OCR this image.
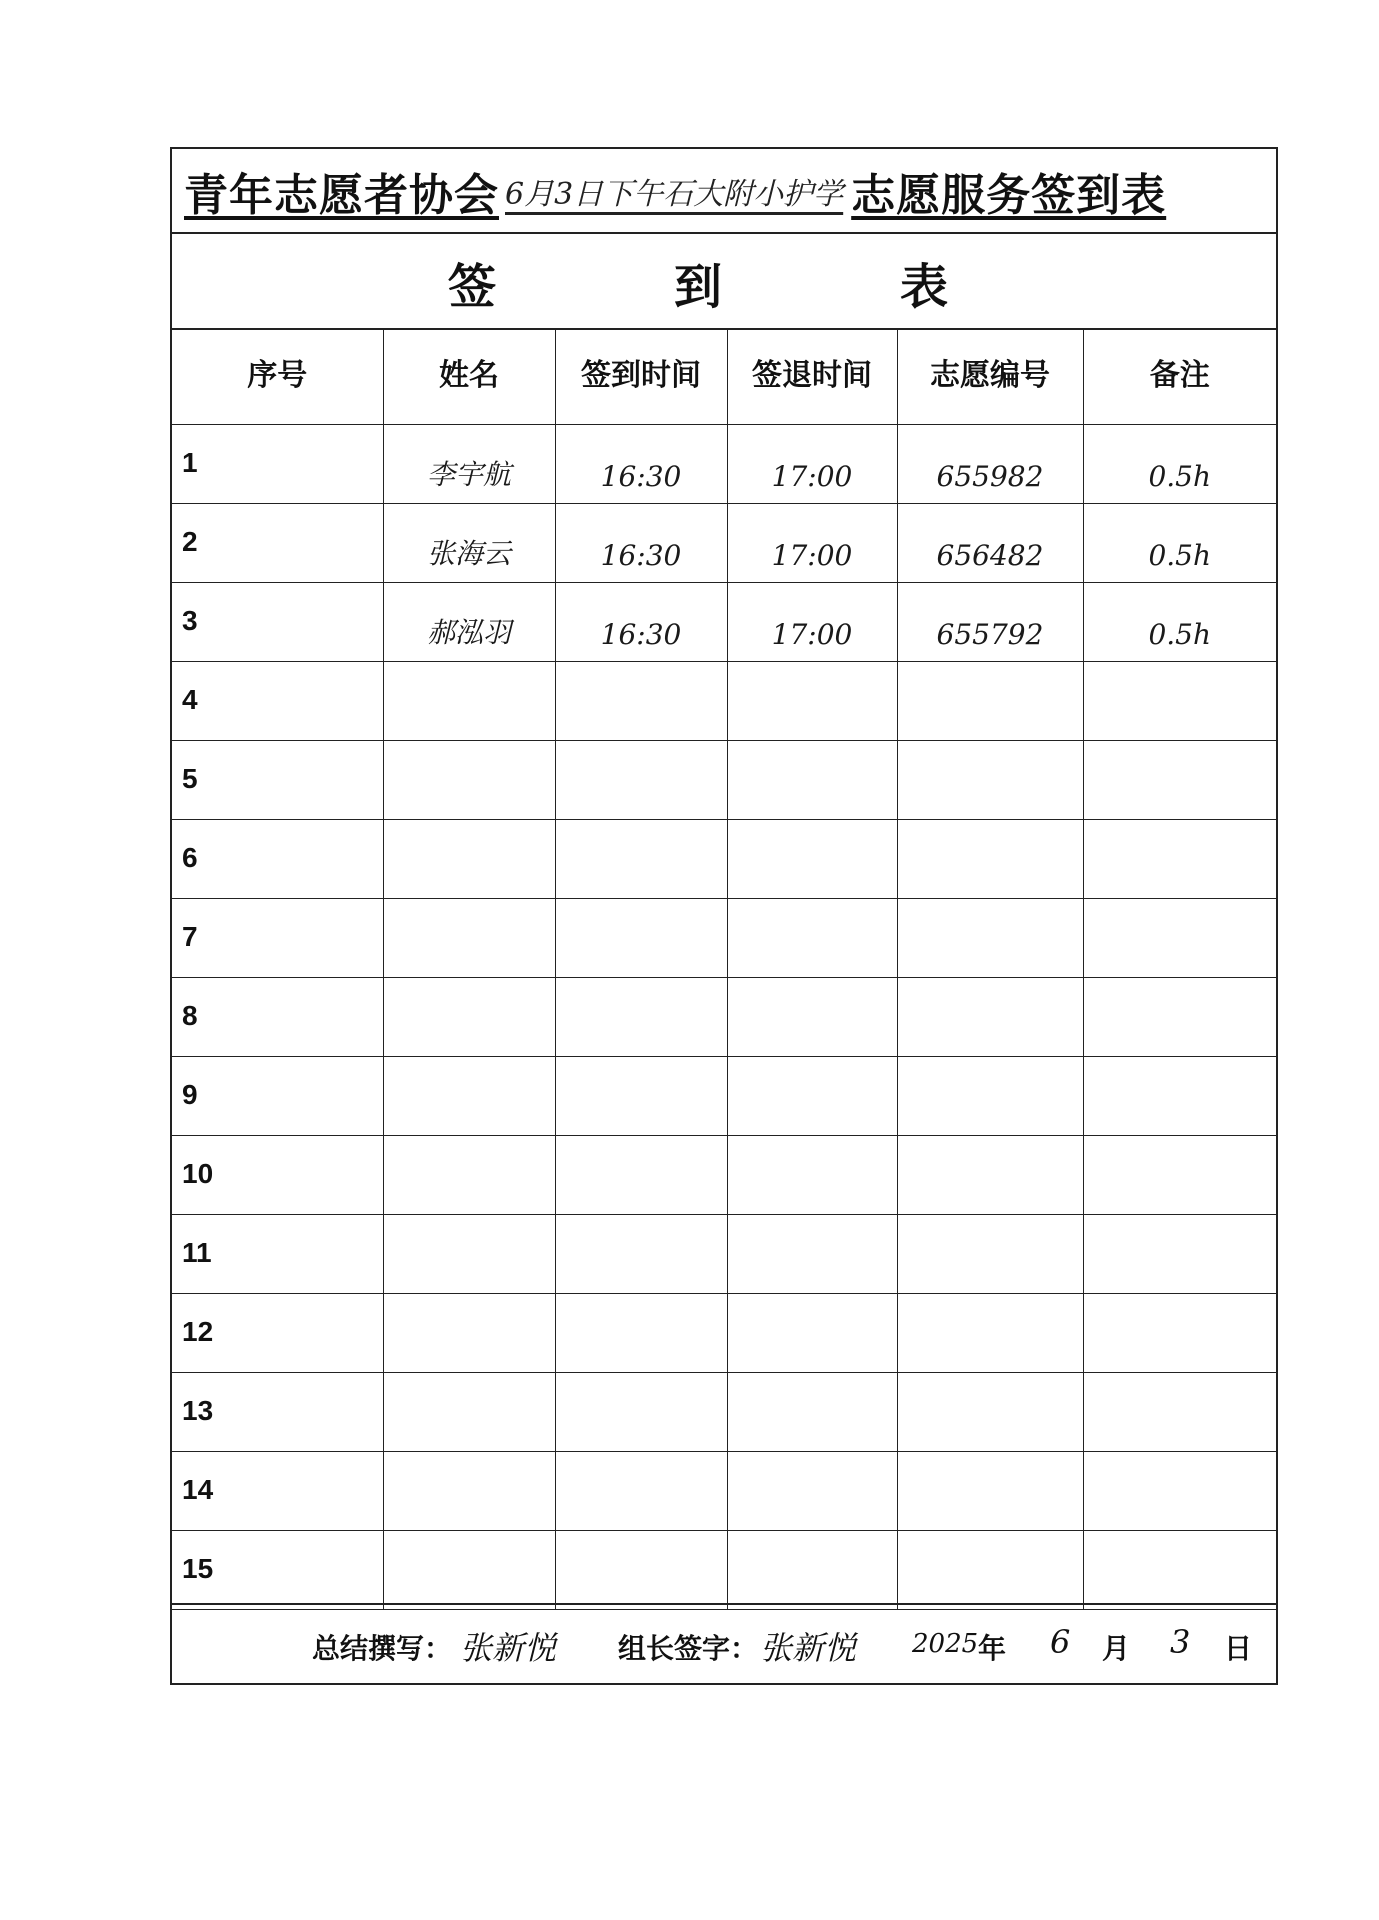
青年志愿者协会 6月3日下午石大附小护学 志愿服务签到表
签	到	表
序号	姓名	签到时间	签退时间	志愿编号	备注
1	李宇航	16:30	17:00	655982	0.5h
2	张海云	16:30	17:00	656482	0.5h
3	郝泓羽	16:30	17:00	655792	0.5h
4					
5					
6					
7					
8					
9					
10					
11					
12					
13					
14					
15					
总结撰写： 张新悦 组长签字： 张新悦 2025 年 6 月 3 日
